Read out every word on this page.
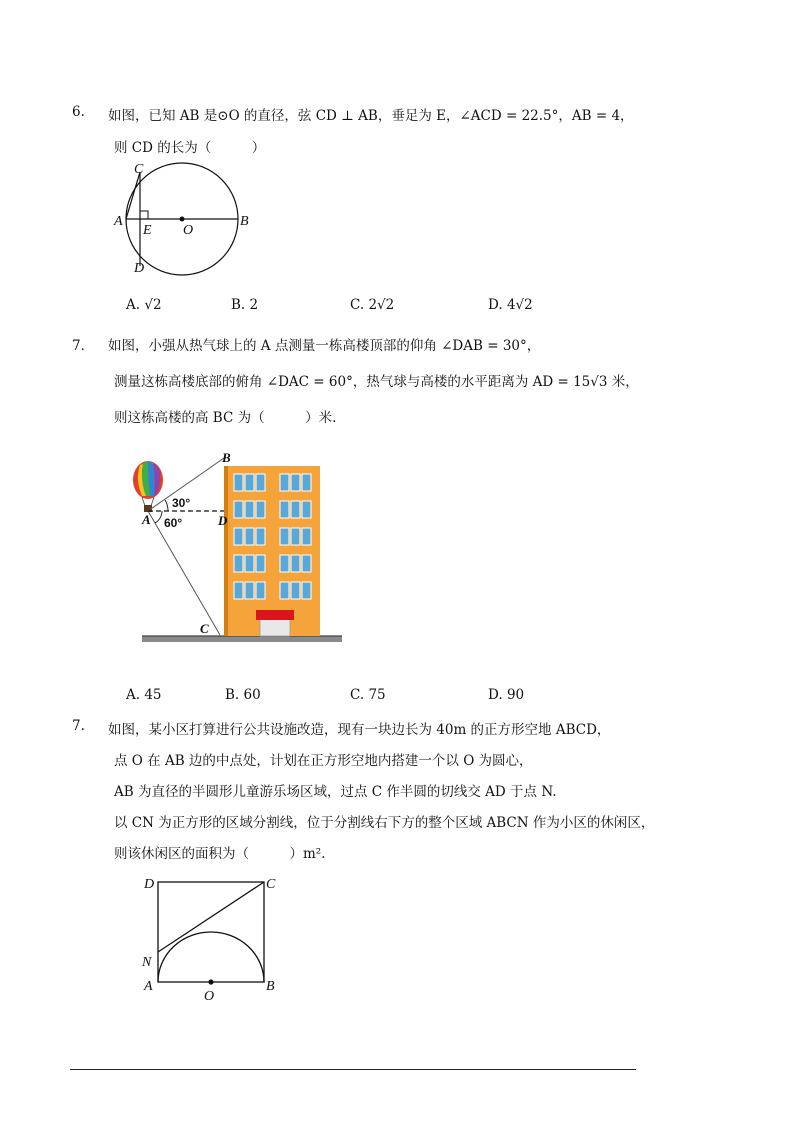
6. 如图，已知 AB 是⊙O 的直径，弦 CD ⊥ AB，垂足为 E，∠ACD = 22.5°，AB = 4，
则 CD 的长为（　　　）
C
A
E O
B
D
A. √2	B. 2	C. 2√2	D. 4√2
7． 如图，小强从热气球上的 A 点测量一栋高楼顶部的仰角 ∠DAB = 30°，
测量这栋高楼底部的俯角 ∠DAC = 60°，热气球与高楼的水平距离为 AD = 15√3 米，
则这栋高楼的高 BC 为（　　　）米.
B
A	D
C
30°
60°
A. 45	B. 60	C. 75	D. 90
7. 如图，某小区打算进行公共设施改造，现有一块边长为 40m 的正方形空地 ABCD，
点 O 在 AB 边的中点处，计划在正方形空地内搭建一个以 O 为圆心，
AB 为直径的半圆形儿童游乐场区域，过点 C 作半圆的切线交 AD 于点 N.
以 CN 为正方形的区域分割线，位于分割线右下方的整个区域 ABCN 作为小区的休闲区，
则该休闲区的面积为（　　　）m².
D	C
N
A
O
B
